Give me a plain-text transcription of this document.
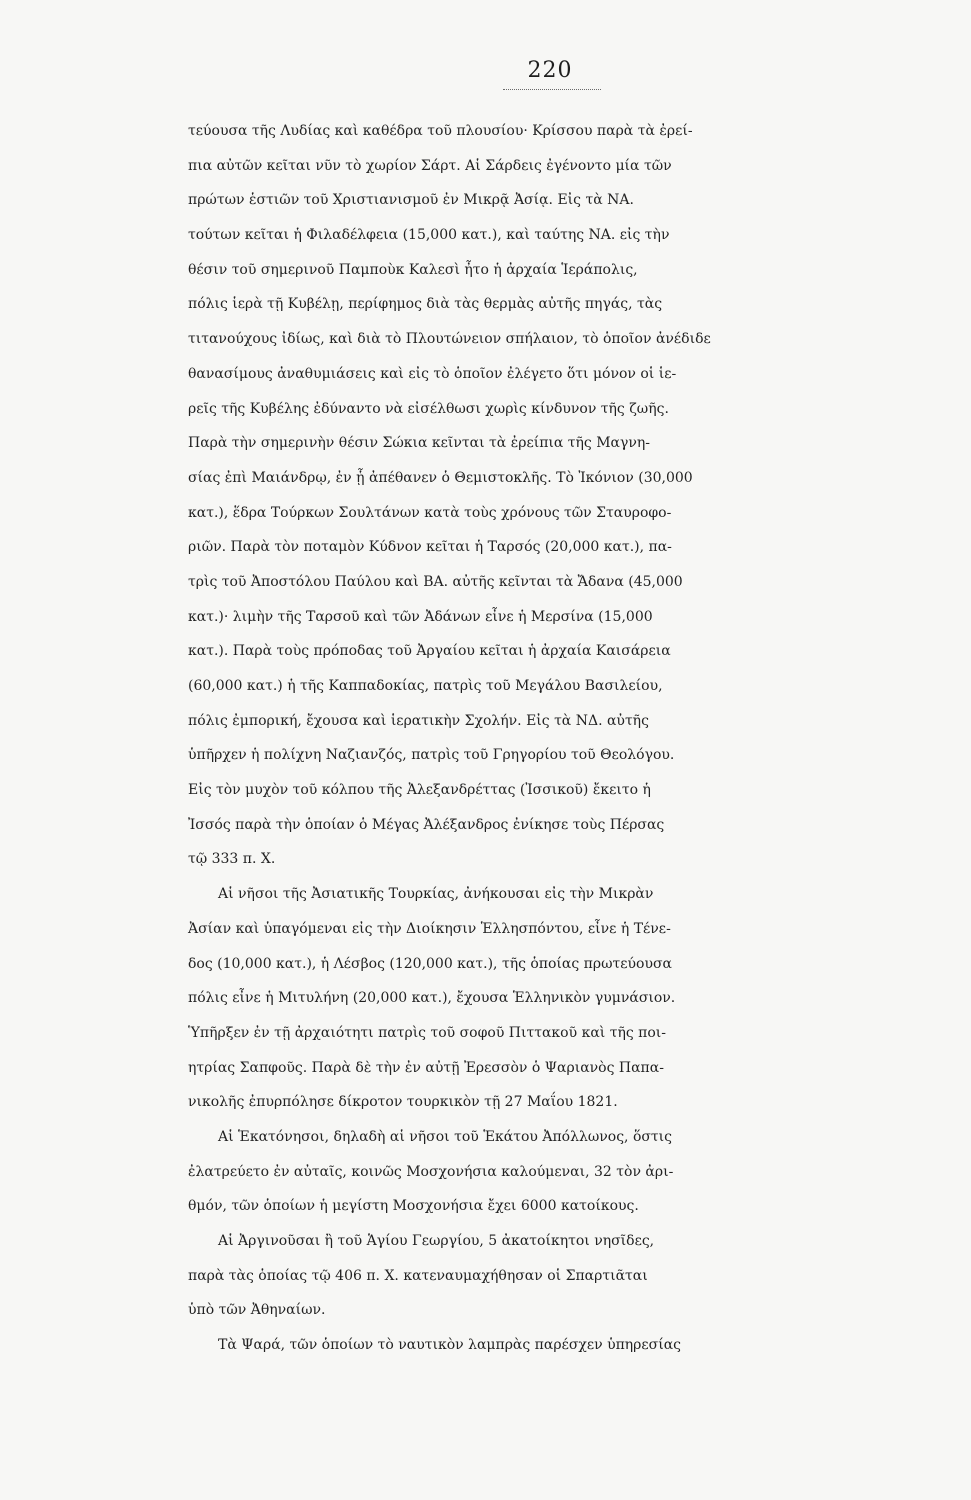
220
τεύουσα τῆς Λυδίας καὶ καθέδρα τοῦ πλουσίου· Κρίσσου παρὰ τὰ ἐρεί-
πια αὐτῶν κεῖται νῦν τὸ χωρίον Σάρτ. Αἱ Σάρδεις ἐγένοντο μία τῶν
πρώτων ἑστιῶν τοῦ Χριστιανισμοῦ ἐν Μικρᾷ Ἀσίᾳ. Εἰς τὰ ΝΑ.
τούτων κεῖται ἡ Φιλαδέλφεια (15,000 κατ.), καὶ ταύτης ΝΑ. εἰς τὴν
θέσιν τοῦ σημερινοῦ Παμποὺκ Καλεσὶ ἦτο ἡ ἀρχαία Ἱεράπολις,
πόλις ἱερὰ τῇ Κυβέλῃ, περίφημος διὰ τὰς θερμὰς αὐτῆς πηγάς, τὰς
τιτανούχους ἰδίως, καὶ διὰ τὸ Πλουτώνειον σπήλαιον, τὸ ὁποῖον ἀνέδιδε
θανασίμους ἀναθυμιάσεις καὶ εἰς τὸ ὁποῖον ἐλέγετο ὅτι μόνον οἱ ἱε-
ρεῖς τῆς Κυβέλης ἐδύναντο νὰ εἰσέλθωσι χωρὶς κίνδυνον τῆς ζωῆς.
Παρὰ τὴν σημερινὴν θέσιν Σώκια κεῖνται τὰ ἐρείπια τῆς Μαγνη-
σίας ἐπὶ Μαιάνδρῳ, ἐν ᾗ ἀπέθανεν ὁ Θεμιστοκλῆς. Τὸ Ἰκόνιον (30,000
κατ.), ἕδρα Τούρκων Σουλτάνων κατὰ τοὺς χρόνους τῶν Σταυροφο-
ριῶν. Παρὰ τὸν ποταμὸν Κύδνον κεῖται ἡ Ταρσός (20,000 κατ.), πα-
τρὶς τοῦ Ἀποστόλου Παύλου καὶ ΒΑ. αὐτῆς κεῖνται τὰ Ἄδανα (45,000
κατ.)· λιμὴν τῆς Ταρσοῦ καὶ τῶν Ἀδάνων εἶνε ἡ Μερσίνα (15,000
κατ.). Παρὰ τοὺς πρόποδας τοῦ Ἀργαίου κεῖται ἡ ἀρχαία Καισάρεια
(60,000 κατ.) ἡ τῆς Καππαδοκίας, πατρὶς τοῦ Μεγάλου Βασιλείου,
πόλις ἐμπορική, ἔχουσα καὶ ἱερατικὴν Σχολήν. Εἰς τὰ ΝΔ. αὐτῆς
ὑπῆρχεν ἡ πολίχνη Ναζιανζός, πατρὶς τοῦ Γρηγορίου τοῦ Θεολόγου.
Εἰς τὸν μυχὸν τοῦ κόλπου τῆς Ἀλεξανδρέττας (Ἰσσικοῦ) ἔκειτο ἡ
Ἰσσός παρὰ τὴν ὁποίαν ὁ Μέγας Ἀλέξανδρος ἐνίκησε τοὺς Πέρσας
τῷ 333 π. Χ.
Αἱ νῆσοι τῆς Ἀσιατικῆς Τουρκίας, ἀνήκουσαι εἰς τὴν Μικρὰν
Ἀσίαν καὶ ὑπαγόμεναι εἰς τὴν Διοίκησιν Ἑλλησπόντου, εἶνε ἡ Τένε-
δος (10,000 κατ.), ἡ Λέσβος (120,000 κατ.), τῆς ὁποίας πρωτεύουσα
πόλις εἶνε ἡ Μιτυλήνη (20,000 κατ.), ἔχουσα Ἑλληνικὸν γυμνάσιον.
Ὑπῆρξεν ἐν τῇ ἀρχαιότητι πατρὶς τοῦ σοφοῦ Πιττακοῦ καὶ τῆς ποι-
ητρίας Σαπφοῦς. Παρὰ δὲ τὴν ἐν αὐτῇ Ἐρεσσὸν ὁ Ψαριανὸς Παπα-
νικολῆς ἐπυρπόλησε δίκροτον τουρκικὸν τῇ 27 Μαΐου 1821.
Αἱ Ἑκατόνησοι, δηλαδὴ αἱ νῆσοι τοῦ Ἑκάτου Ἀπόλλωνος, ὅστις
ἐλατρεύετο ἐν αὐταῖς, κοινῶς Μοσχονήσια καλούμεναι, 32 τὸν ἀρι-
θμόν, τῶν ὁποίων ἡ μεγίστη Μοσχονήσια ἔχει 6000 κατοίκους.
Αἱ Ἀργινοῦσαι ἢ τοῦ Ἁγίου Γεωργίου, 5 ἀκατοίκητοι νησῖδες,
παρὰ τὰς ὁποίας τῷ 406 π. Χ. κατεναυμαχήθησαν οἱ Σπαρτιᾶται
ὑπὸ τῶν Ἀθηναίων.
Τὰ Ψαρά, τῶν ὁποίων τὸ ναυτικὸν λαμπρὰς παρέσχεν ὑπηρεσίας
